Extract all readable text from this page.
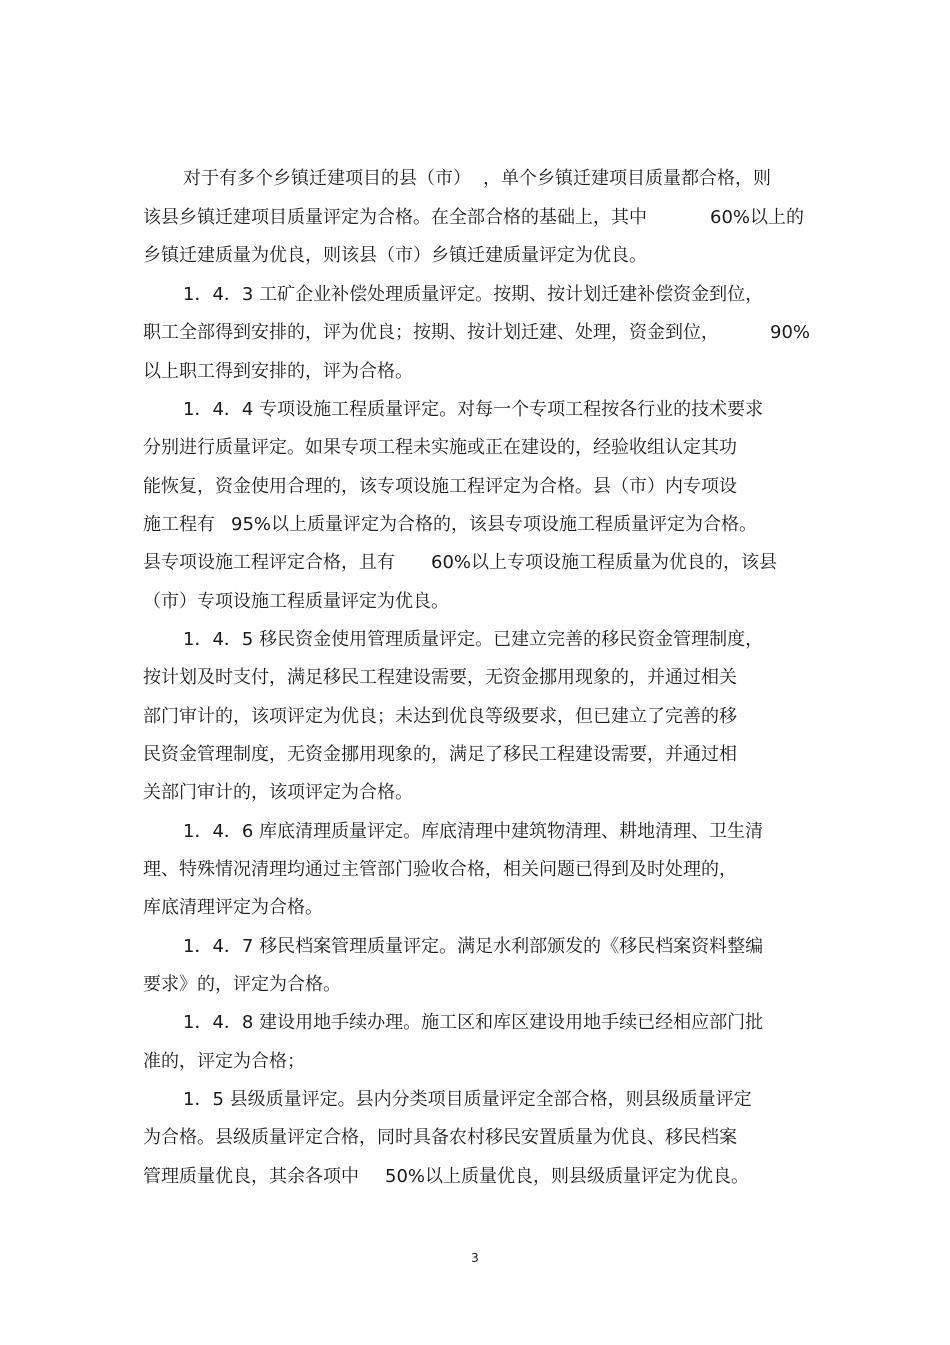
对于有多个乡镇迁建项目的县（市） ，单个乡镇迁建项目质量都合格，则
该县乡镇迁建项目质量评定为合格。在全部合格的基础上，其中	60%以上的
乡镇迁建质量为优良，则该县（市）乡镇迁建质量评定为优良。
1．4．3 工矿企业补偿处理质量评定。按期、按计划迁建补偿资金到位，
职工全部得到安排的，评为优良；按期、按计划迁建、处理，资金到位，	90%
以上职工得到安排的，评为合格。
1．4．4 专项设施工程质量评定。对每一个专项工程按各行业的技术要求
分别进行质量评定。如果专项工程未实施或正在建设的，经验收组认定其功
能恢复，资金使用合理的，该专项设施工程评定为合格。县（市）内专项设
施工程有 95%以上质量评定为合格的，该县专项设施工程质量评定为合格。
县专项设施工程评定合格，且有 60%以上专项设施工程质量为优良的，该县
（市）专项设施工程质量评定为优良。
1．4．5 移民资金使用管理质量评定。已建立完善的移民资金管理制度，
按计划及时支付，满足移民工程建设需要，无资金挪用现象的，并通过相关
部门审计的，该项评定为优良；未达到优良等级要求，但已建立了完善的移
民资金管理制度，无资金挪用现象的，满足了移民工程建设需要，并通过相
关部门审计的，该项评定为合格。
1．4．6 库底清理质量评定。库底清理中建筑物清理、耕地清理、卫生清
理、特殊情况清理均通过主管部门验收合格，相关问题已得到及时处理的，
库底清理评定为合格。
1．4．7 移民档案管理质量评定。满足水利部颁发的《移民档案资料整编
要求》的，评定为合格。
1．4．8 建设用地手续办理。施工区和库区建设用地手续已经相应部门批
准的，评定为合格；
1．5 县级质量评定。县内分类项目质量评定全部合格，则县级质量评定
为合格。县级质量评定合格，同时具备农村移民安置质量为优良、移民档案
管理质量优良，其余各项中 50%以上质量优良，则县级质量评定为优良。
3
